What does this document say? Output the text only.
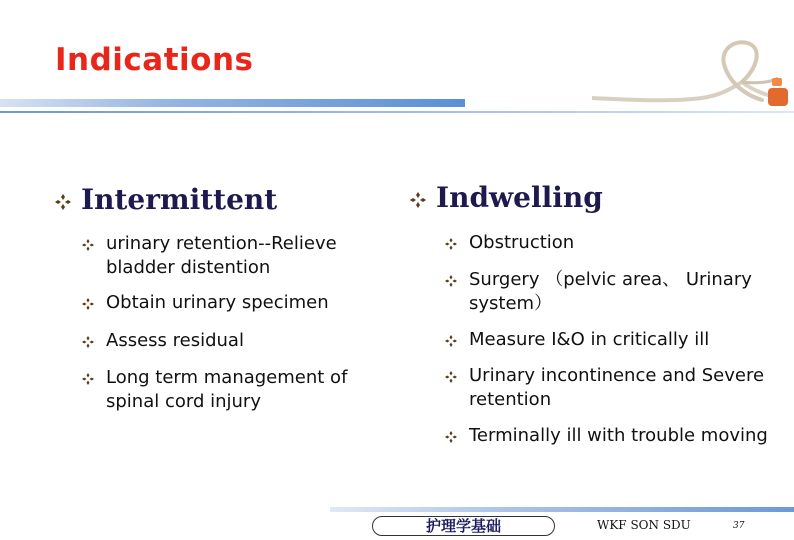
Indications
Intermittent
urinary retention--Relieve
bladder distention
Obtain urinary specimen
Assess residual
Long term management of
spinal cord injury
Indwelling
Obstruction
Surgery （pelvic area、 Urinary
system）
Measure I&O in critically ill
Urinary incontinence and Severe
retention
Terminally ill with trouble moving
护理学基础	WKF SON SDU	37
